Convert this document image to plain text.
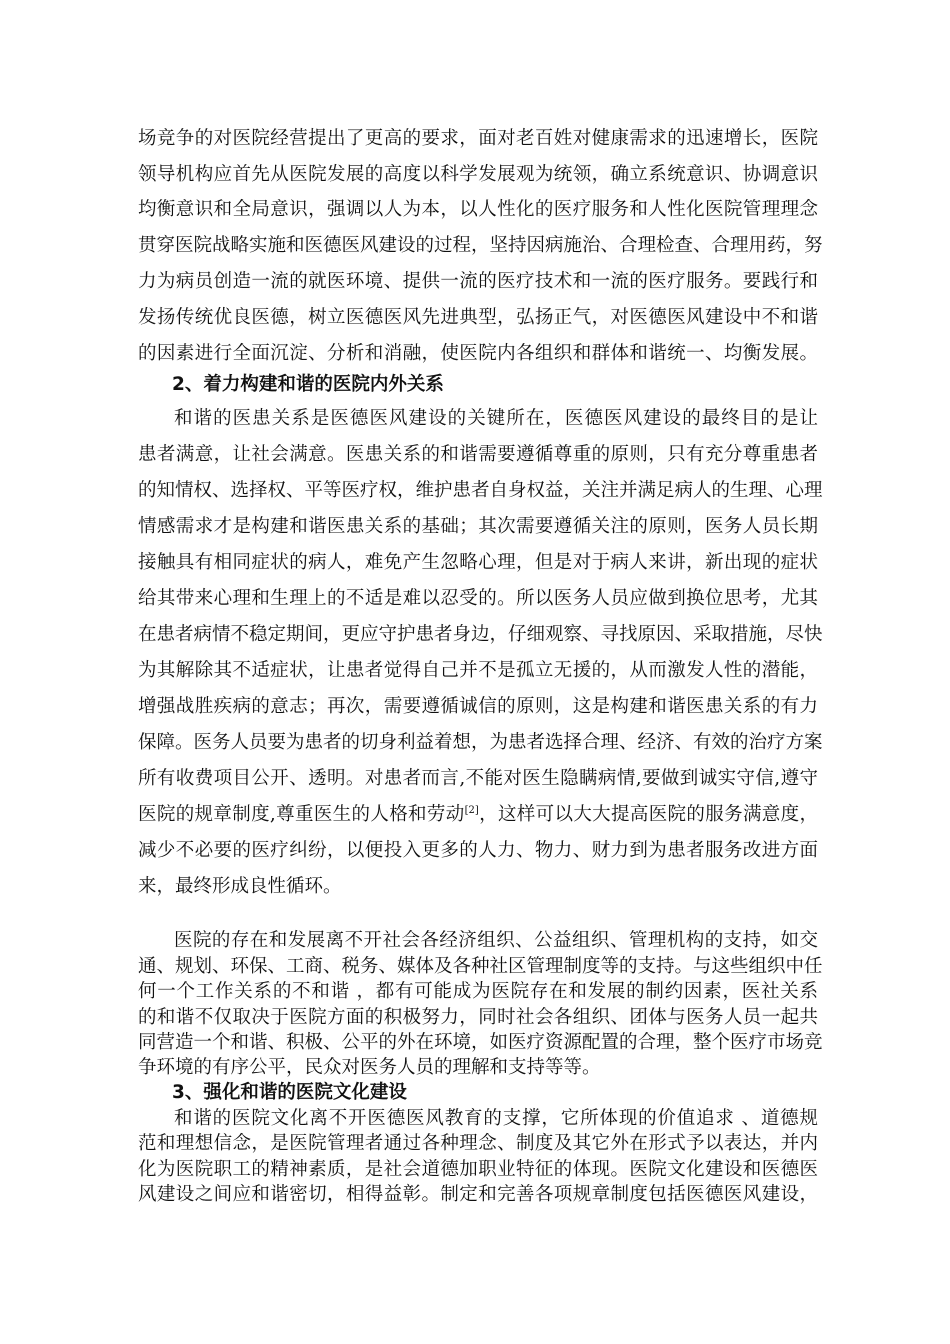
场竞争的对医院经营提出了更高的要求，面对老百姓对健康需求的迅速增长，医院
领导机构应首先从医院发展的高度以科学发展观为统领，确立系统意识、协调意识
均衡意识和全局意识，强调以人为本，以人性化的医疗服务和人性化医院管理理念
贯穿医院战略实施和医德医风建设的过程，坚持因病施治、合理检查、合理用药，努
力为病员创造一流的就医环境、提供一流的医疗技术和一流的医疗服务。要践行和
发扬传统优良医德，树立医德医风先进典型，弘扬正气，对医德医风建设中不和谐
的因素进行全面沉淀、分析和消融，使医院内各组织和群体和谐统一、均衡发展。
2、着力构建和谐的医院内外关系
和谐的医患关系是医德医风建设的关键所在，医德医风建设的最终目的是让
患者满意，让社会满意。医患关系的和谐需要遵循尊重的原则，只有充分尊重患者
的知情权、选择权、平等医疗权，维护患者自身权益，关注并满足病人的生理、心理
情感需求才是构建和谐医患关系的基础；其次需要遵循关注的原则，医务人员长期
接触具有相同症状的病人，难免产生忽略心理，但是对于病人来讲，新出现的症状
给其带来心理和生理上的不适是难以忍受的。所以医务人员应做到换位思考，尤其
在患者病情不稳定期间，更应守护患者身边，仔细观察、寻找原因、采取措施，尽快
为其解除其不适症状，让患者觉得自己并不是孤立无援的，从而激发人性的潜能，
增强战胜疾病的意志；再次，需要遵循诚信的原则，这是构建和谐医患关系的有力
保障。医务人员要为患者的切身利益着想，为患者选择合理、经济、有效的治疗方案
所有收费项目公开、透明。对患者而言,不能对医生隐瞒病情,要做到诚实守信,遵守
医院的规章制度,尊重医生的人格和劳动[2]，这样可以大大提高医院的服务满意度，
减少不必要的医疗纠纷，以便投入更多的人力、物力、财力到为患者服务改进方面
来，最终形成良性循环。
医院的存在和发展离不开社会各经济组织、公益组织、管理机构的支持，如交
通、规划、环保、工商、税务、媒体及各种社区管理制度等的支持。与这些组织中任
何一个工作关系的不和谐 ，都有可能成为医院存在和发展的制约因素，医社关系
的和谐不仅取决于医院方面的积极努力，同时社会各组织、团体与医务人员一起共
同营造一个和谐、积极、公平的外在环境，如医疗资源配置的合理，整个医疗市场竞
争环境的有序公平，民众对医务人员的理解和支持等等。
3、强化和谐的医院文化建设
和谐的医院文化离不开医德医风教育的支撑，它所体现的价值追求 、道德规
范和理想信念，是医院管理者通过各种理念、制度及其它外在形式予以表达，并内
化为医院职工的精神素质，是社会道德加职业特征的体现。医院文化建设和医德医
风建设之间应和谐密切，相得益彰。制定和完善各项规章制度包括医德医风建设，
